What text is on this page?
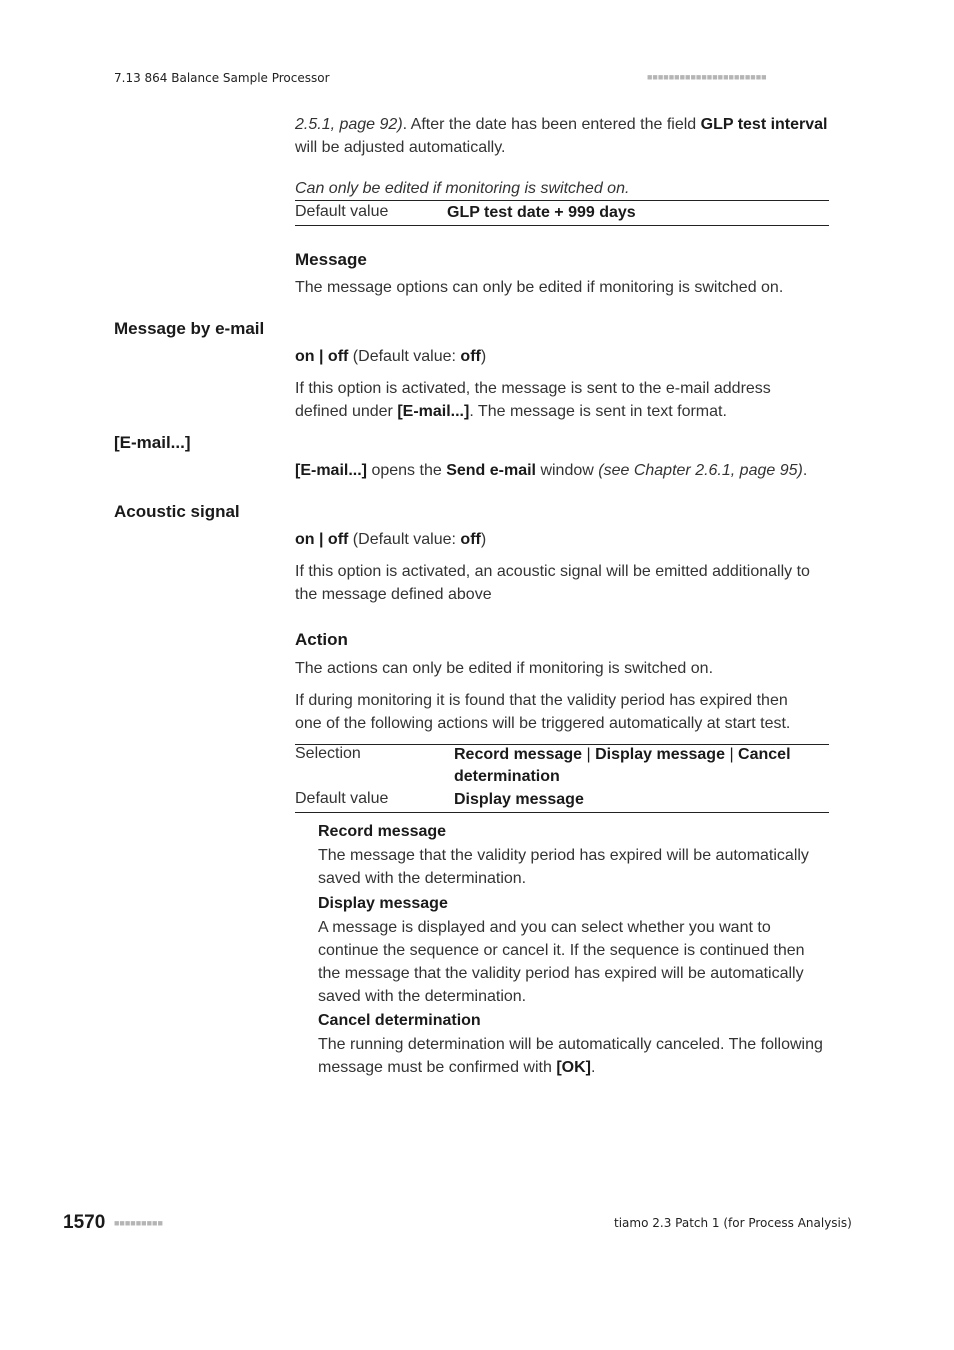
7.13 864 Balance Sample Processor	■■■■■■■■■■■■■■■■■■■■■■
2.5.1, page 92). After the date has been entered the field GLP test interval will be adjusted automatically.
Can only be edited if monitoring is switched on.
Default value	GLP test date + 999 days
Message
The message options can only be edited if monitoring is switched on.
Message by e-mail
on | off (Default value: off)
If this option is activated, the message is sent to the e-mail address defined under [E-mail...]. The message is sent in text format.
[E-mail...]
[E-mail...] opens the Send e-mail window (see Chapter 2.6.1, page 95).
Acoustic signal
on | off (Default value: off)
If this option is activated, an acoustic signal will be emitted additionally to the message defined above
Action
The actions can only be edited if monitoring is switched on.
If during monitoring it is found that the validity period has expired then one of the following actions will be triggered automatically at start test.
Selection	Record message | Display message | Cancel determination
Default value	Display message
Record message
The message that the validity period has expired will be automatically saved with the determination.
Display message
A message is displayed and you can select whether you want to continue the sequence or cancel it. If the sequence is continued then the message that the validity period has expired will be automatically saved with the determination.
Cancel determination
The running determination will be automatically canceled. The following message must be confirmed with [OK].
1570 ■■■■■■■■■	tiamo 2.3 Patch 1 (for Process Analysis)
